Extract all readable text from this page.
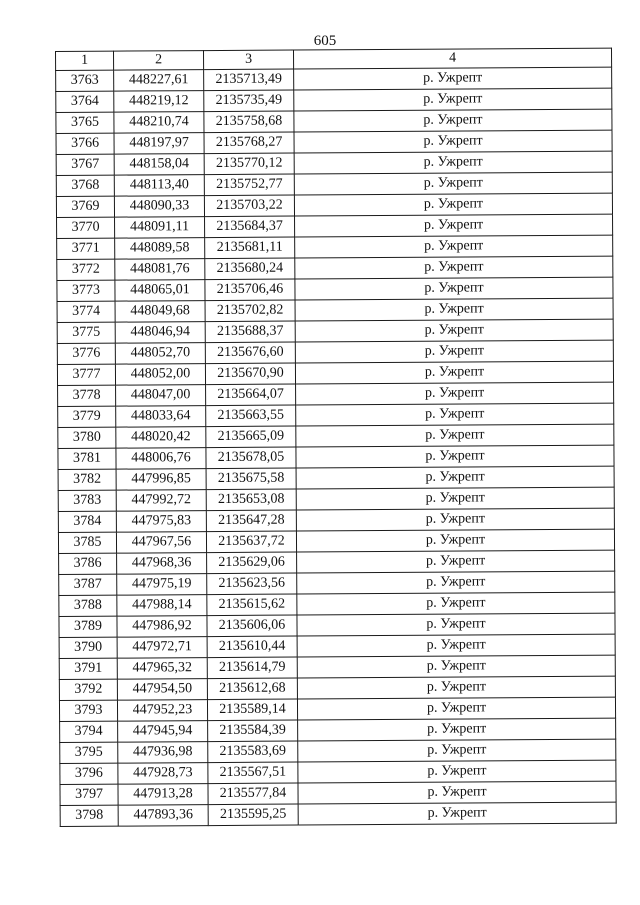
605
1	2	3	4
3763	448227,61	2135713,49	р. Ужрепт
3764	448219,12	2135735,49	р. Ужрепт
3765	448210,74	2135758,68	р. Ужрепт
3766	448197,97	2135768,27	р. Ужрепт
3767	448158,04	2135770,12	р. Ужрепт
3768	448113,40	2135752,77	р. Ужрепт
3769	448090,33	2135703,22	р. Ужрепт
3770	448091,11	2135684,37	р. Ужрепт
3771	448089,58	2135681,11	р. Ужрепт
3772	448081,76	2135680,24	р. Ужрепт
3773	448065,01	2135706,46	р. Ужрепт
3774	448049,68	2135702,82	р. Ужрепт
3775	448046,94	2135688,37	р. Ужрепт
3776	448052,70	2135676,60	р. Ужрепт
3777	448052,00	2135670,90	р. Ужрепт
3778	448047,00	2135664,07	р. Ужрепт
3779	448033,64	2135663,55	р. Ужрепт
3780	448020,42	2135665,09	р. Ужрепт
3781	448006,76	2135678,05	р. Ужрепт
3782	447996,85	2135675,58	р. Ужрепт
3783	447992,72	2135653,08	р. Ужрепт
3784	447975,83	2135647,28	р. Ужрепт
3785	447967,56	2135637,72	р. Ужрепт
3786	447968,36	2135629,06	р. Ужрепт
3787	447975,19	2135623,56	р. Ужрепт
3788	447988,14	2135615,62	р. Ужрепт
3789	447986,92	2135606,06	р. Ужрепт
3790	447972,71	2135610,44	р. Ужрепт
3791	447965,32	2135614,79	р. Ужрепт
3792	447954,50	2135612,68	р. Ужрепт
3793	447952,23	2135589,14	р. Ужрепт
3794	447945,94	2135584,39	р. Ужрепт
3795	447936,98	2135583,69	р. Ужрепт
3796	447928,73	2135567,51	р. Ужрепт
3797	447913,28	2135577,84	р. Ужрепт
3798	447893,36	2135595,25	р. Ужрепт
